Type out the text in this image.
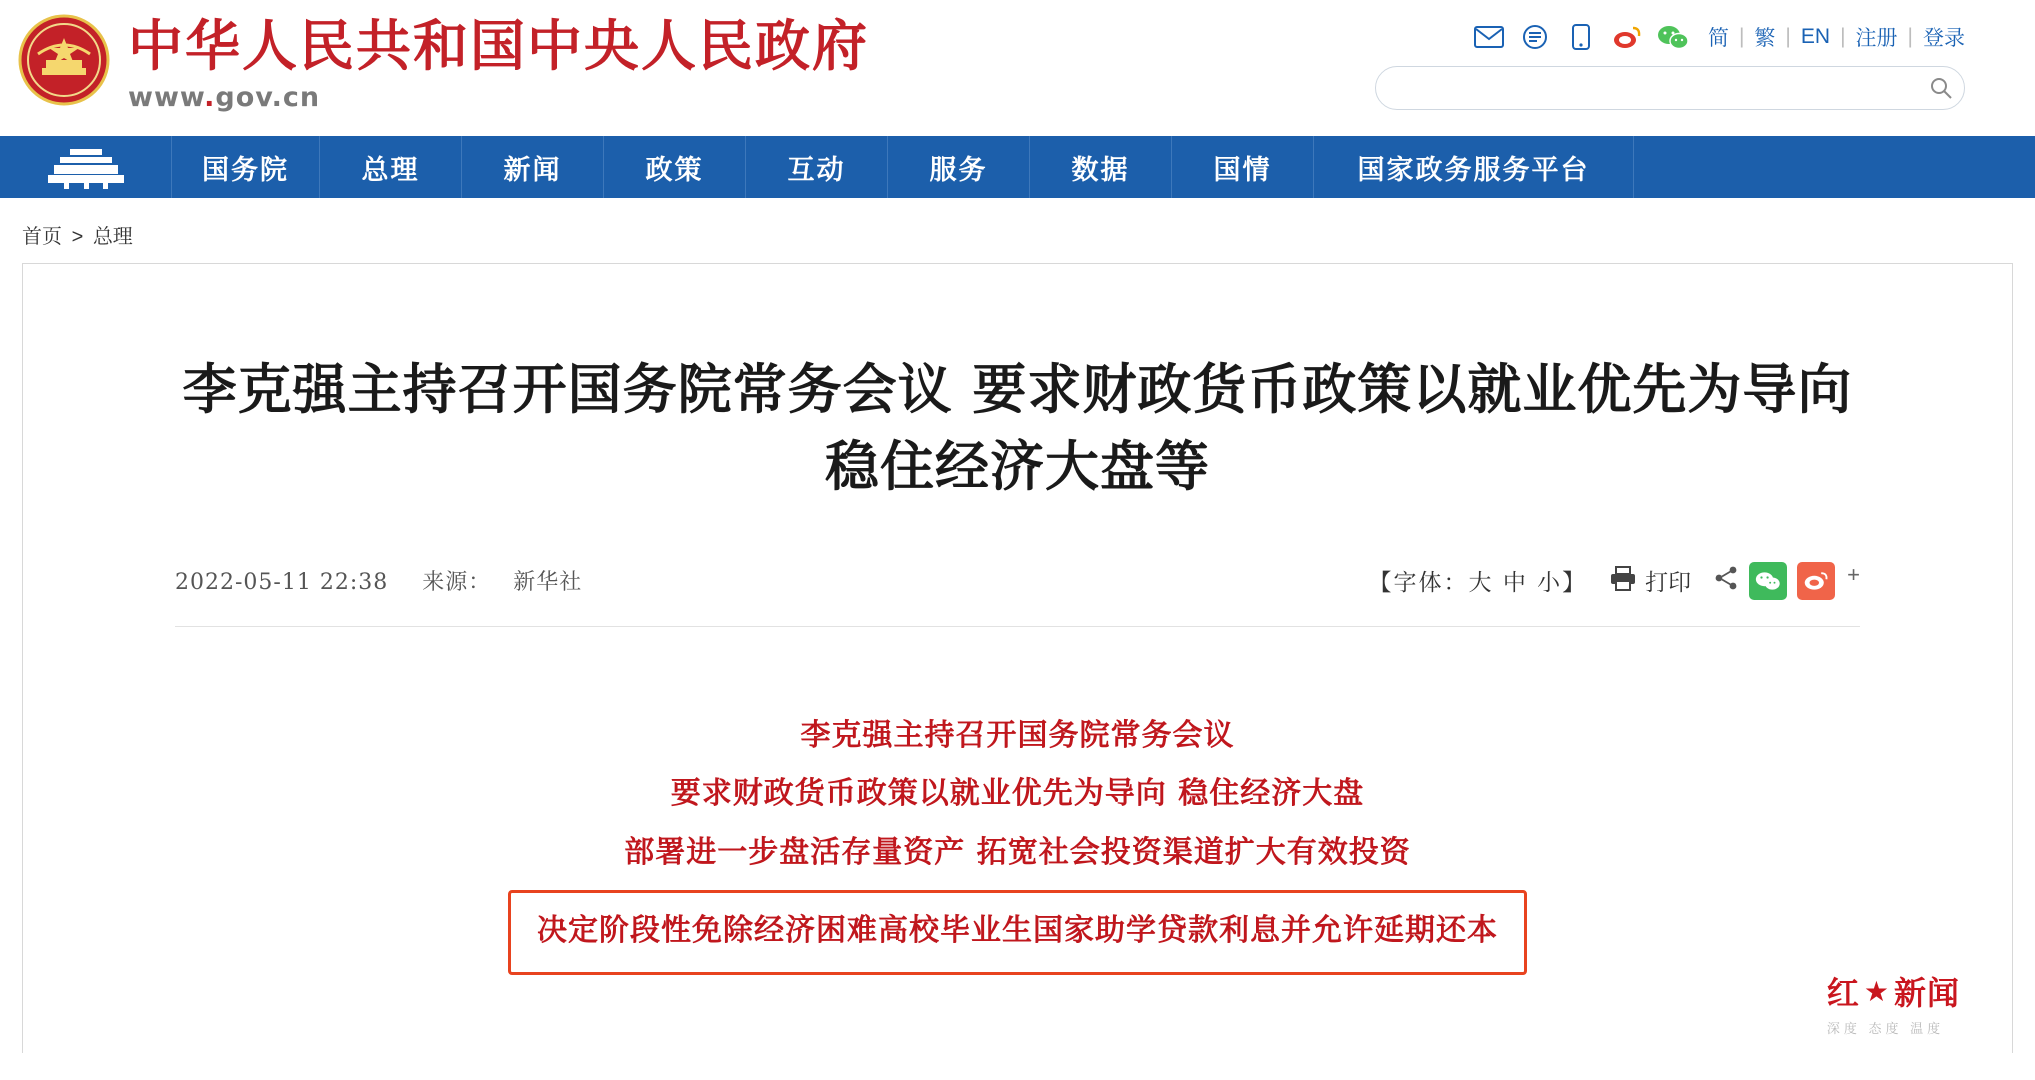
中华人民共和国中央人民政府
www.gov.cn
简 | 繁 | EN | 注册 | 登录
国务院	总理	新闻	政策	互动	服务	数据	国情	国家政务服务平台
首页 > 总理
李克强主持召开国务院常务会议 要求财政货币政策以就业优先为导向 稳住经济大盘等
2022-05-11 22:38 来源： 新华社	【字体：大 中 小】	打印	+
李克强主持召开国务院常务会议
要求财政货币政策以就业优先为导向 稳住经济大盘
部署进一步盘活存量资产 拓宽社会投资渠道扩大有效投资
决定阶段性免除经济困难高校毕业生国家助学贷款利息并允许延期还本
红 ★ 新闻
深度 态度 温度
